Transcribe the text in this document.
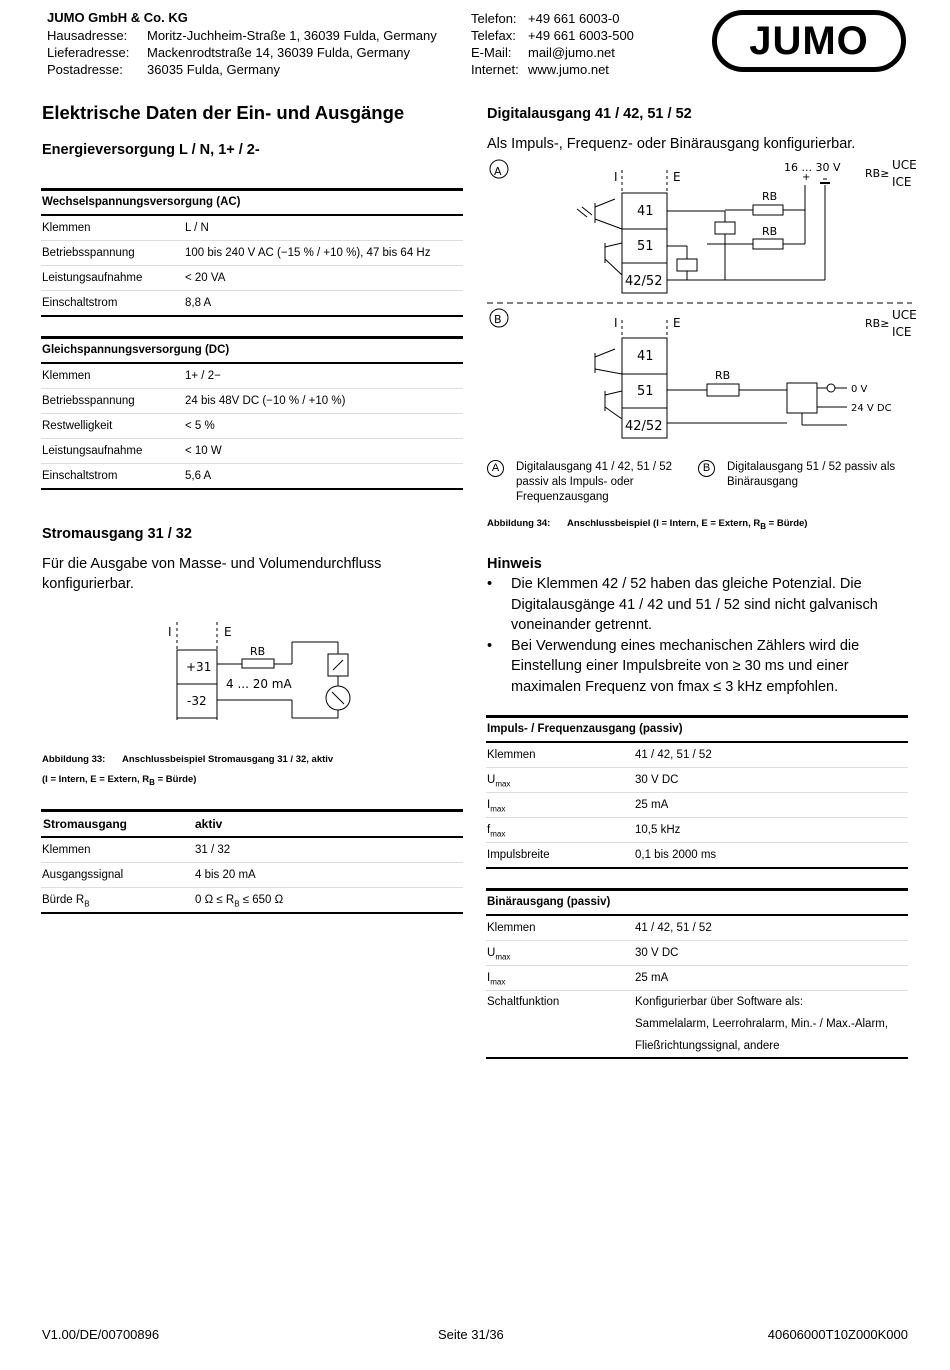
JUMO GmbH & Co. KG
Hausadresse: Moritz-Juchheim-Straße 1, 36039 Fulda, Germany
Lieferadresse: Mackenrodtstraße 14, 36039 Fulda, Germany
Postadresse: 36035 Fulda, Germany
Telefon: +49 661 6003-0
Telefax: +49 661 6003-500
E-Mail: mail@jumo.net
Internet: www.jumo.net
JUMO
Elektrische Daten der Ein- und Ausgänge
Energieversorgung L / N, 1+ / 2-
Wechselspannungsversorgung (AC)
Klemmen	L / N
Betriebsspannung	100 bis 240 V AC (−15 % / +10 %), 47 bis 64 Hz
Leistungsaufnahme	< 20 VA
Einschaltstrom	8,8 A
Gleichspannungsversorgung (DC)
Klemmen	1+ / 2−
Betriebsspannung	24 bis 48V DC (−10 % / +10 %)
Restwelligkeit	< 5 %
Leistungsaufnahme	< 10 W
Einschaltstrom	5,6 A
Stromausgang 31 / 32
Für die Ausgabe von Masse- und Volumendurchfluss konfigurierbar.
I	E
+31
-32
RB
4 ... 20 mA
Abbildung 33: Anschlussbeispiel Stromausgang 31 / 32, aktiv
(I = Intern, E = Extern, $R_B$ = Bürde)
Stromausgang	aktiv
Klemmen	31 / 32
Ausgangssignal	4 bis 20 mA
Bürde $R_B$	0 $\Omega \le R_B \le 650$ Ω
Digitalausgang 41 / 42, 51 / 52
Als Impuls-, Frequenz- oder Binärausgang konfigurierbar.
A
B
I	E
41
51
42/52
RB
RB
16 ... 30 V
+	RB≥
UCE
ICE
I	E
41
51
42/52
RB
RB≥
UCE
ICE
0 V
24 V DC
A	Digitalausgang 41 / 42, 51 / 52 passiv als Impuls- oder Frequenzausgang
B	Digitalausgang 51 / 52 passiv als Binärausgang
Abbildung 34: Anschlussbeispiel (I = Intern, E = Extern, $R_B$ = Bürde)
Hinweis
• Die Klemmen 42 / 52 haben das gleiche Potenzial. Die Digitalausgänge 41 / 42 und 51 / 52 sind nicht galvanisch voneinander getrennt.
• Bei Verwendung eines mechanischen Zählers wird die Einstellung einer Impulsbreite von ≥ 30 ms und einer maximalen Frequenz von fmax ≤ 3 kHz empfohlen.
Impuls- / Frequenzausgang (passiv)
Klemmen	41 / 42, 51 / 52
$U_{max}$	30 V DC
$I_{max}$	25 mA
$f_{max}$	10,5 kHz
Impulsbreite	0,1 bis 2000 ms
Binärausgang (passiv)
Klemmen	41 / 42, 51 / 52
$U_{max}$	30 V DC
$I_{max}$	25 mA
Schaltfunktion	Konfigurierbar über Software als:
Sammelalarm, Leerrohralarm, Min.- / Max.-Alarm,
Fließrichtungssignal, andere
V1.00/DE/00700896	Seite 31/36	40606000T10Z000K000
